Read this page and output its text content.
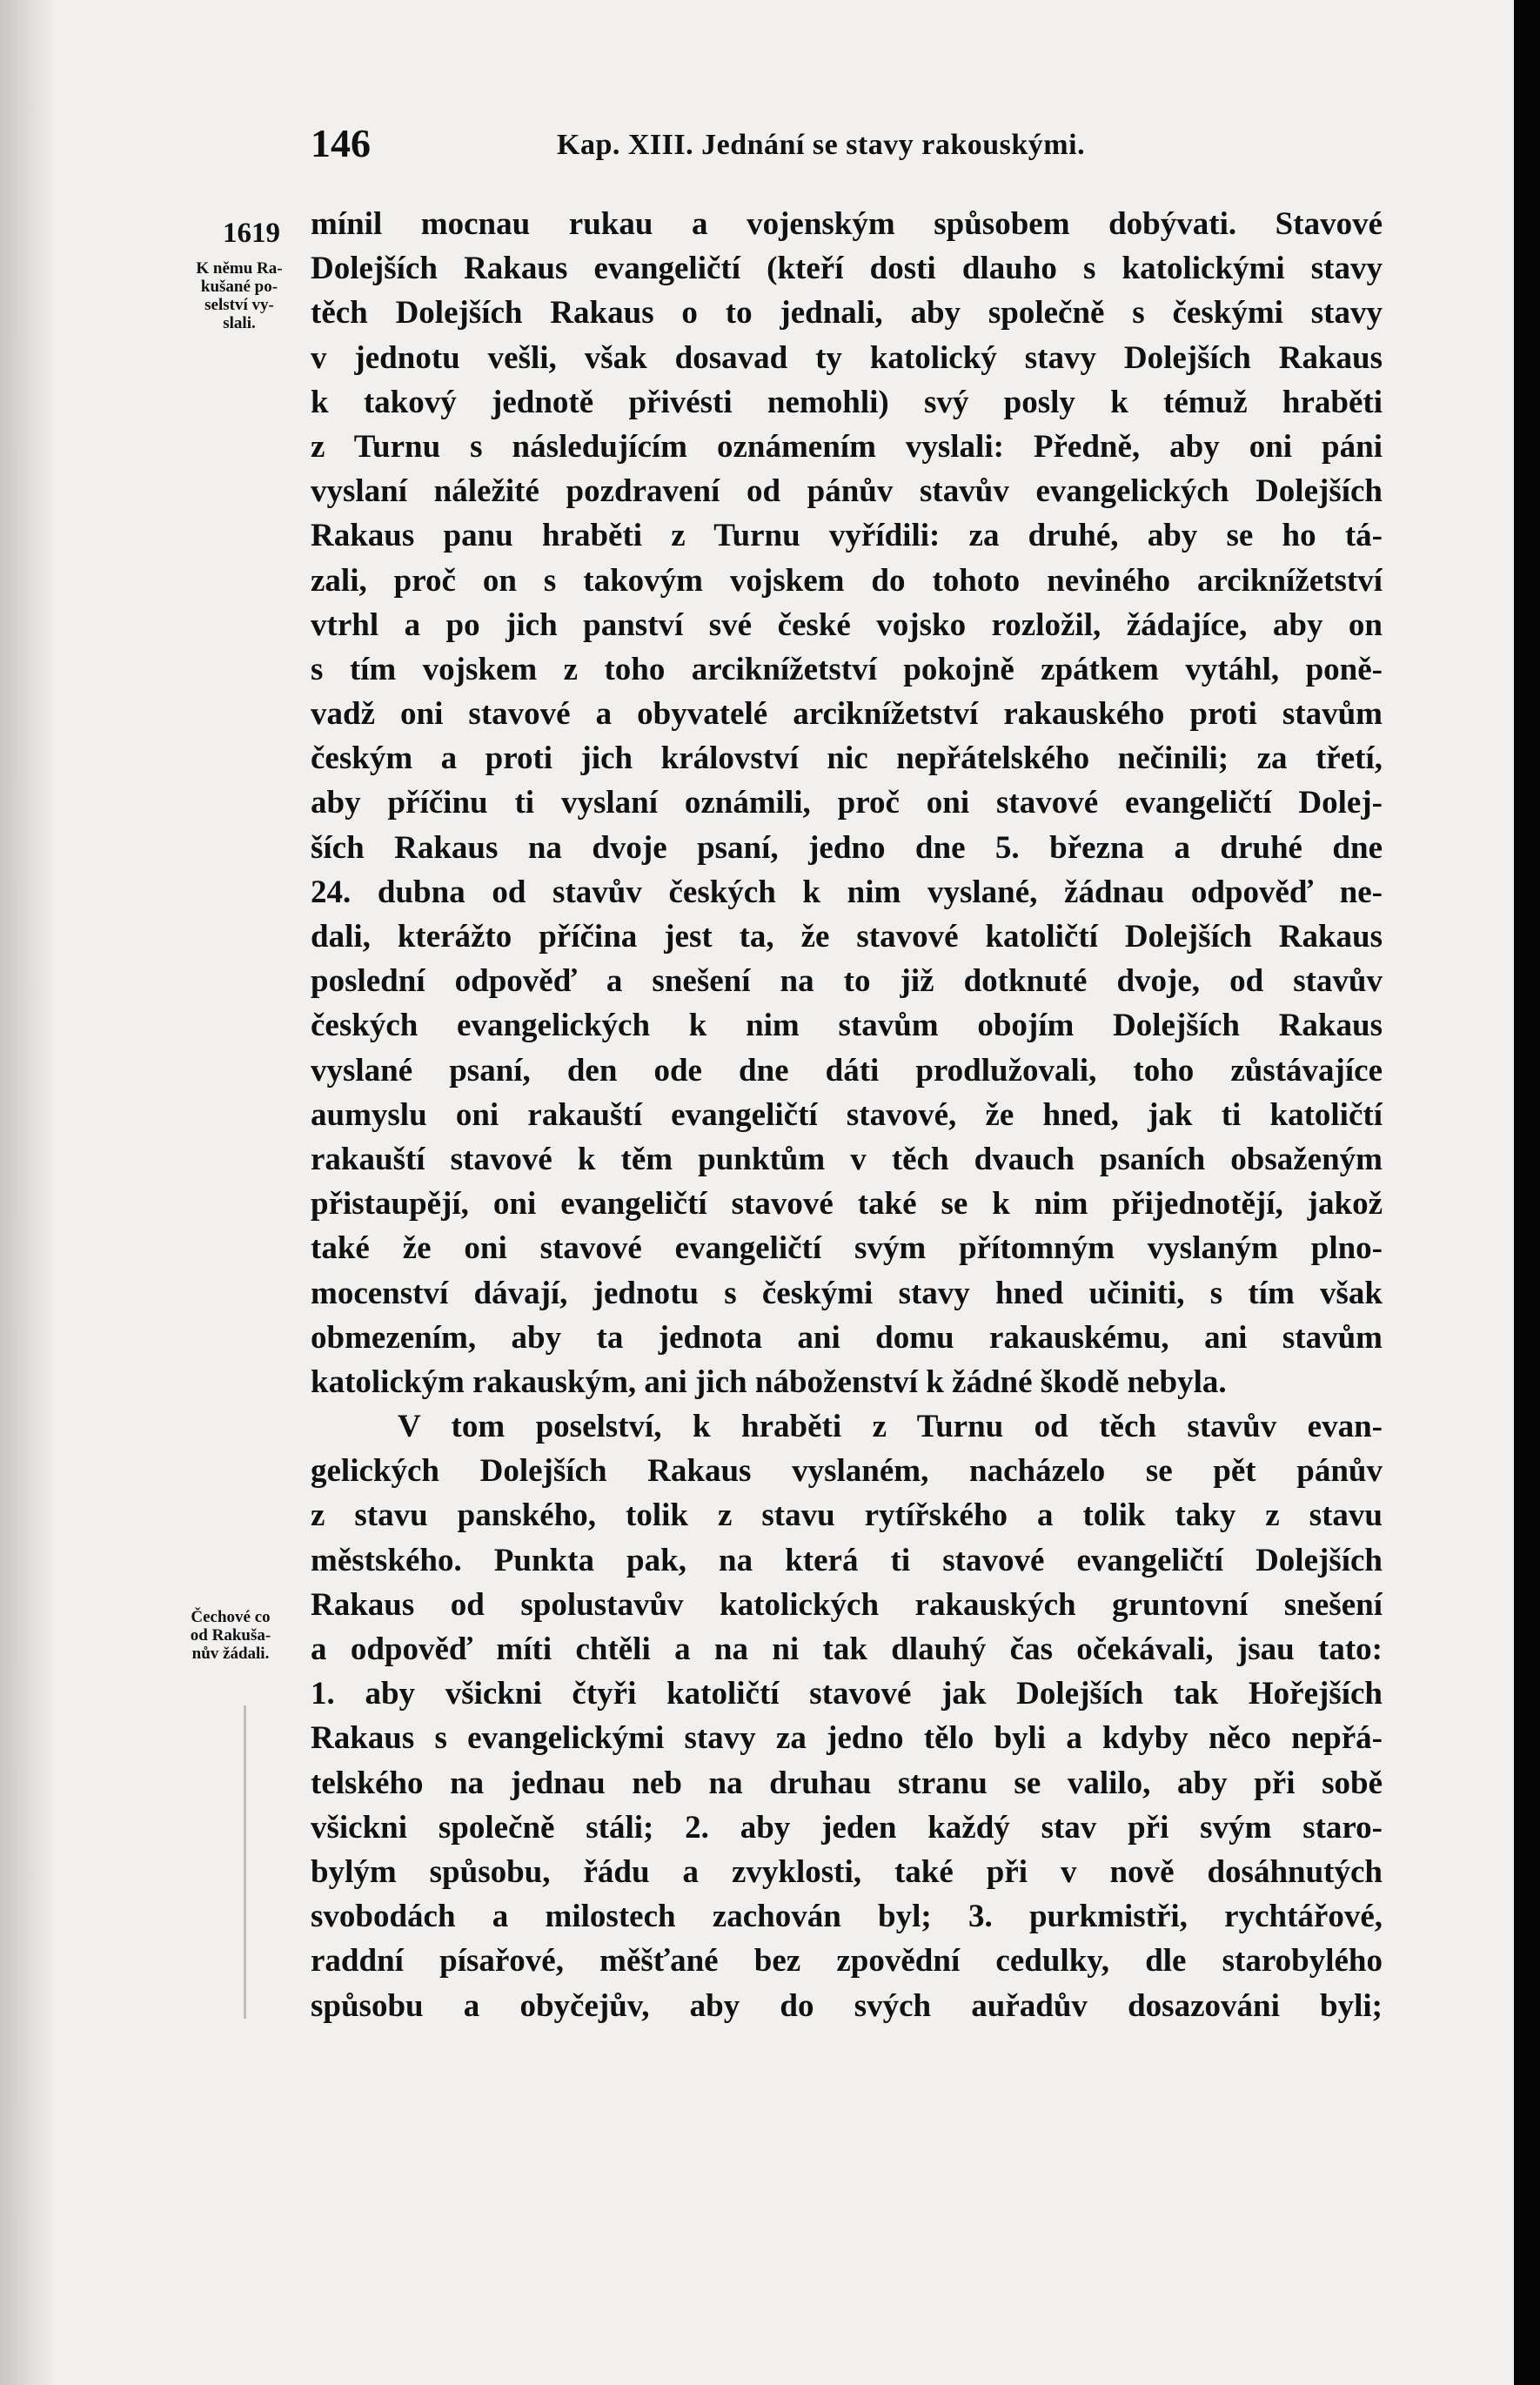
146	Kap. XIII. Jednání se stavy rakouskými.
1619
K němu Ra-
kušané po-
selství vy-
slali.
Čechové co
od Rakuša-
nův žádali.
mínil mocnau rukau a vojenským spůsobem dobývati. Stavové
Dolejších Rakaus evangeličtí (kteří dosti dlauho s katolickými stavy
těch Dolejších Rakaus o to jednali, aby společně s českými stavy
v jednotu vešli, však dosavad ty katolický stavy Dolejších Rakaus
k takový jednotě přivésti nemohli) svý posly k témuž hraběti
z Turnu s následujícím oznámením vyslali: Předně, aby oni páni
vyslaní náležité pozdravení od pánův stavův evangelických Dolejších
Rakaus panu hraběti z Turnu vyřídili: za druhé, aby se ho tá-
zali, proč on s takovým vojskem do tohoto neviného arciknížetství
vtrhl a po jich panství své české vojsko rozložil, žádajíce, aby on
s tím vojskem z toho arciknížetství pokojně zpátkem vytáhl, poně-
vadž oni stavové a obyvatelé arciknížetství rakauského proti stavům
českým a proti jich království nic nepřátelského nečinili; za třetí,
aby příčinu ti vyslaní oznámili, proč oni stavové evangeličtí Dolej-
ších Rakaus na dvoje psaní, jedno dne 5. března a druhé dne
24. dubna od stavův českých k nim vyslané, žádnau odpověď ne-
dali, kterážto příčina jest ta, že stavové katoličtí Dolejších Rakaus
poslední odpověď a snešení na to již dotknuté dvoje, od stavův
českých evangelických k nim stavům obojím Dolejších Rakaus
vyslané psaní, den ode dne dáti prodlužovali, toho zůstávajíce
aumyslu oni rakauští evangeličtí stavové, že hned, jak ti katoličtí
rakauští stavové k těm punktům v těch dvauch psaních obsaženým
přistaupějí, oni evangeličtí stavové také se k nim přijednotějí, jakož
také že oni stavové evangeličtí svým přítomným vyslaným plno-
mocenství dávají, jednotu s českými stavy hned učiniti, s tím však
obmezením, aby ta jednota ani domu rakauskému, ani stavům
katolickým rakauským, ani jich náboženství k žádné škodě nebyla.
V tom poselství, k hraběti z Turnu od těch stavův evan-
gelických Dolejších Rakaus vyslaném, nacházelo se pět pánův
z stavu panského, tolik z stavu rytířského a tolik taky z stavu
městského. Punkta pak, na která ti stavové evangeličtí Dolejších
Rakaus od spolustavův katolických rakauských gruntovní snešení
a odpověď míti chtěli a na ni tak dlauhý čas očekávali, jsau tato:
1. aby všickni čtyři katoličtí stavové jak Dolejších tak Hořejších
Rakaus s evangelickými stavy za jedno tělo byli a kdyby něco nepřá-
telského na jednau neb na druhau stranu se valilo, aby při sobě
všickni společně stáli; 2. aby jeden každý stav při svým staro-
bylým spůsobu, řádu a zvyklosti, také při v nově dosáhnutých
svobodách a milostech zachován byl; 3. purkmistři, rychtářové,
raddní písařové, měšťané bez zpovědní cedulky, dle starobylého
spůsobu a obyčejův, aby do svých auřadův dosazováni byli;
